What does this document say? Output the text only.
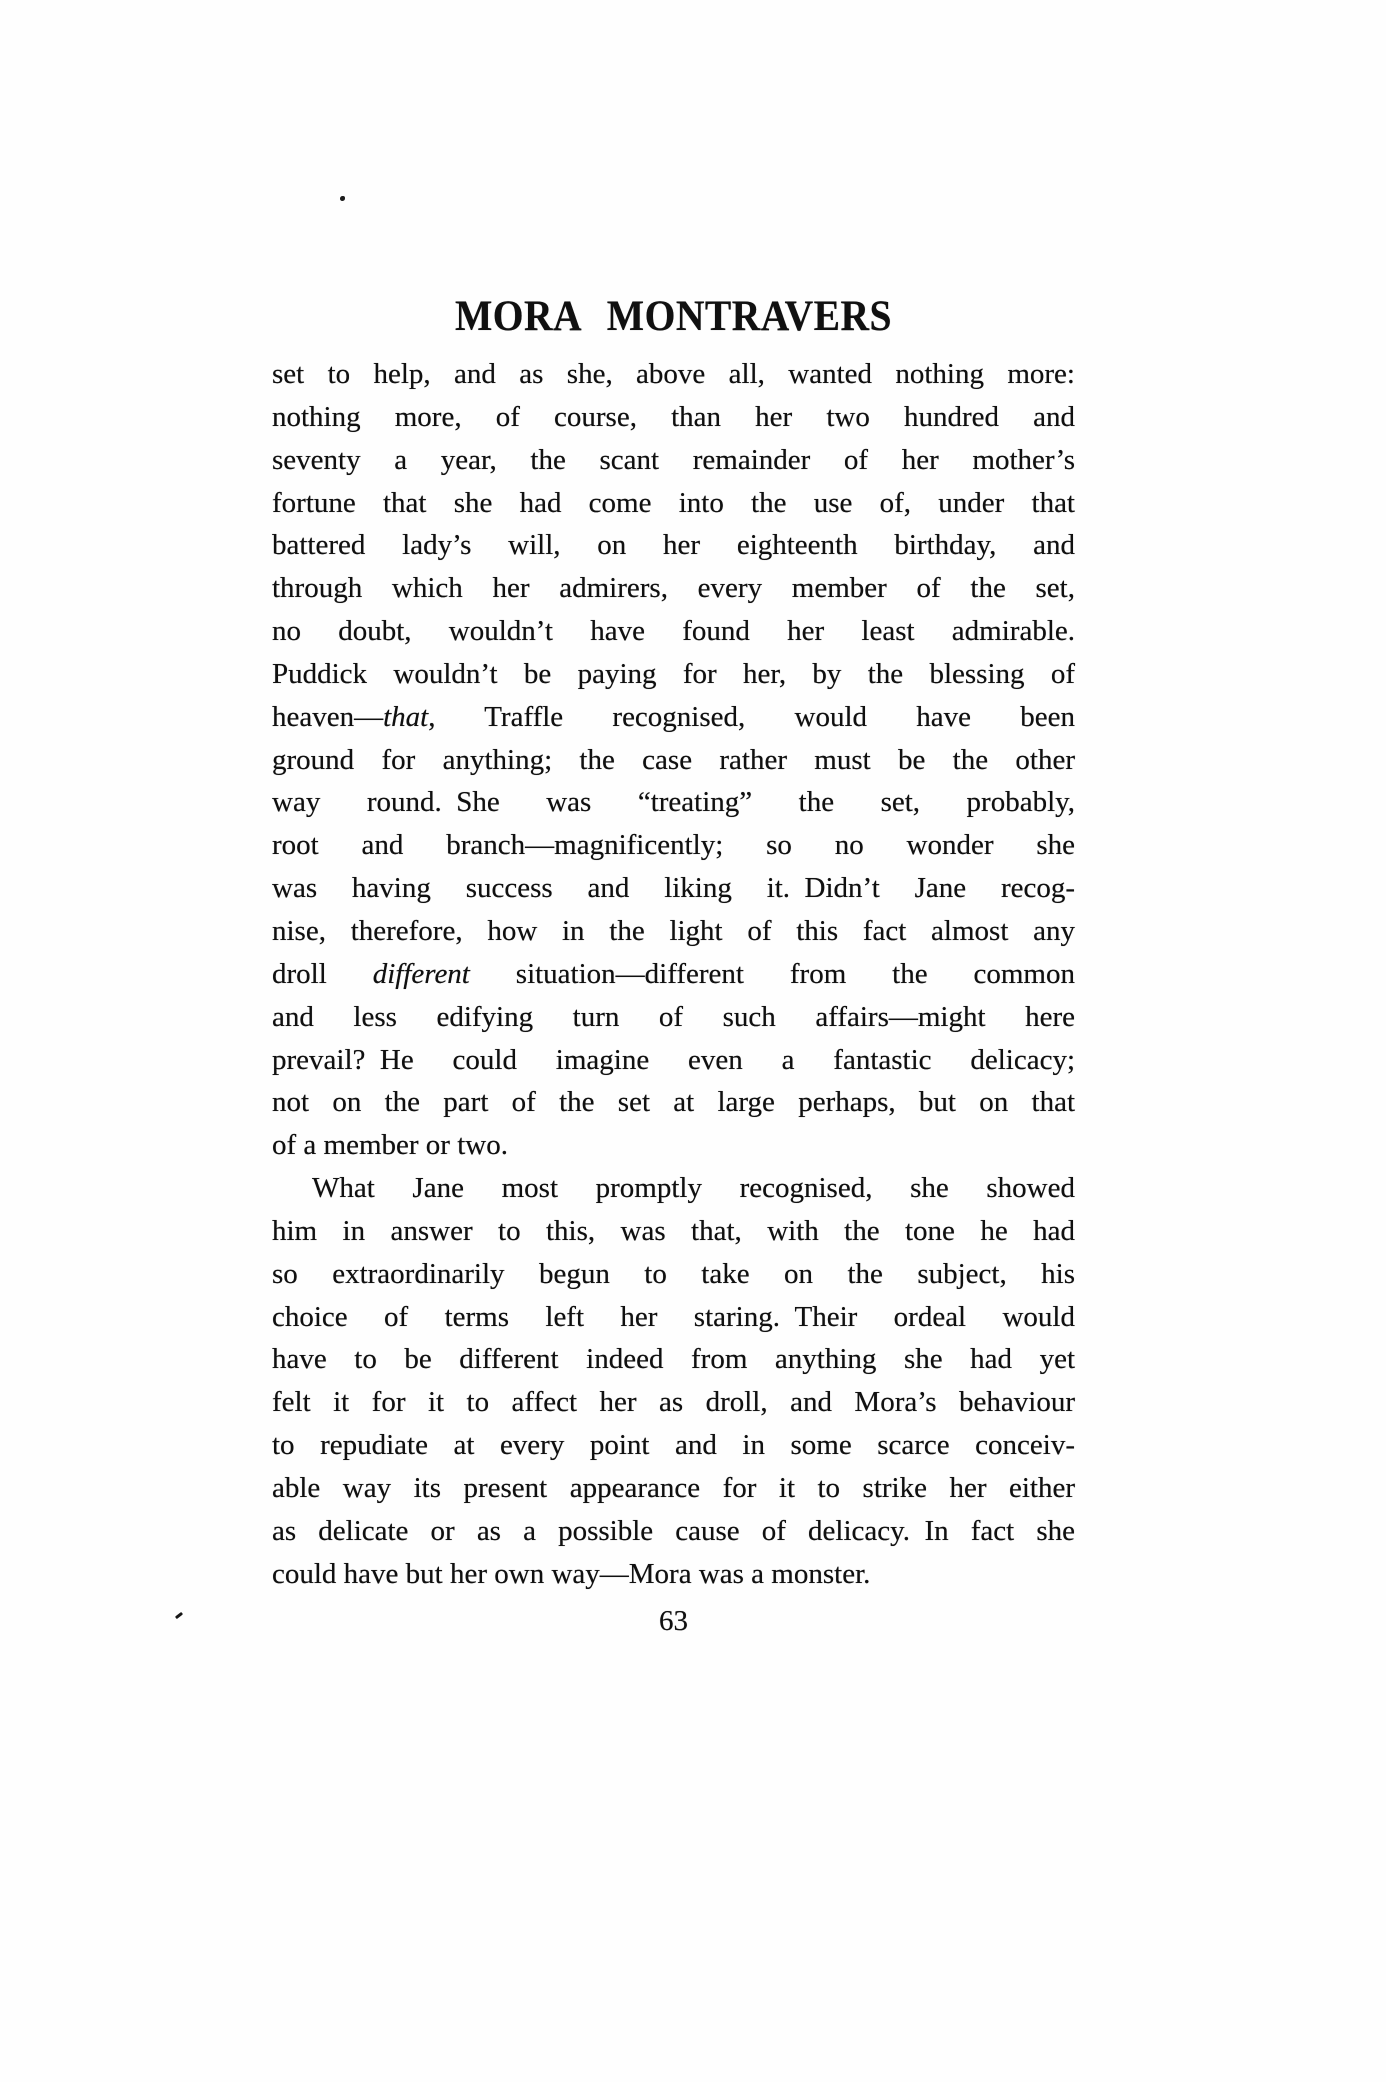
MORA MONTRAVERS
set to help, and as she, above all, wanted nothing more:
nothing more, of course, than her two hundred and
seventy a year, the scant remainder of her mother’s
fortune that she had come into the use of, under that
battered lady’s will, on her eighteenth birthday, and
through which her admirers, every member of the set,
no doubt, wouldn’t have found her least admirable.
Puddick wouldn’t be paying for her, by the blessing of
heaven—that, Traffle recognised, would have been
ground for anything; the case rather must be the other
way round. She was “treating” the set, probably,
root and branch—magnificently; so no wonder she
was having success and liking it. Didn’t Jane recog-
nise, therefore, how in the light of this fact almost any
droll different situation—different from the common
and less edifying turn of such affairs—might here
prevail? He could imagine even a fantastic delicacy;
not on the part of the set at large perhaps, but on that
of a member or two.
What Jane most promptly recognised, she showed
him in answer to this, was that, with the tone he had
so extraordinarily begun to take on the subject, his
choice of terms left her staring. Their ordeal would
have to be different indeed from anything she had yet
felt it for it to affect her as droll, and Mora’s behaviour
to repudiate at every point and in some scarce conceiv-
able way its present appearance for it to strike her either
as delicate or as a possible cause of delicacy. In fact she
could have but her own way—Mora was a monster.
63
